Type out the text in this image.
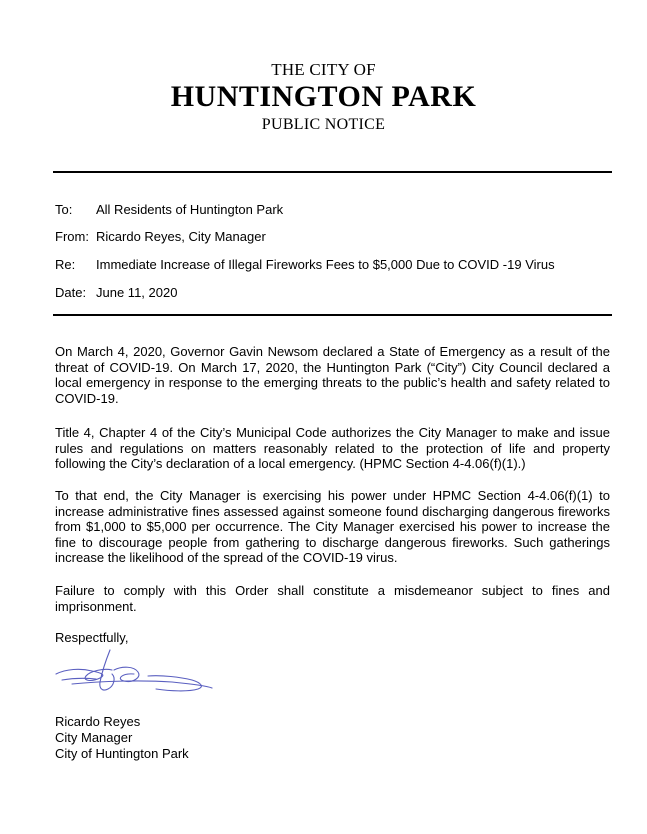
THE CITY OF
HUNTINGTON PARK
PUBLIC NOTICE
To: All Residents of Huntington Park
From: Ricardo Reyes, City Manager
Re: Immediate Increase of Illegal Fireworks Fees to $5,000 Due to COVID -19 Virus
Date: June 11, 2020

On March 4, 2020, Governor Gavin Newsom declared a State of Emergency as a result of the threat of COVID-19. On March 17, 2020, the Huntington Park (“City”) City Council declared a local emergency in response to the emerging threats to the public’s health and safety related to COVID-19.

Title 4, Chapter 4 of the City’s Municipal Code authorizes the City Manager to make and issue rules and regulations on matters reasonably related to the protection of life and property following the City’s declaration of a local emergency. (HPMC Section 4-4.06(f)(1).)

To that end, the City Manager is exercising his power under HPMC Section 4-4.06(f)(1) to increase administrative fines assessed against someone found discharging dangerous fireworks from $1,000 to $5,000 per occurrence. The City Manager exercised his power to increase the fine to discourage people from gathering to discharge dangerous fireworks. Such gatherings increase the likelihood of the spread of the COVID-19 virus.

Failure to comply with this Order shall constitute a misdemeanor subject to fines and imprisonment.

Respectfully,

Ricardo Reyes

City Manager

City of Huntington Park
